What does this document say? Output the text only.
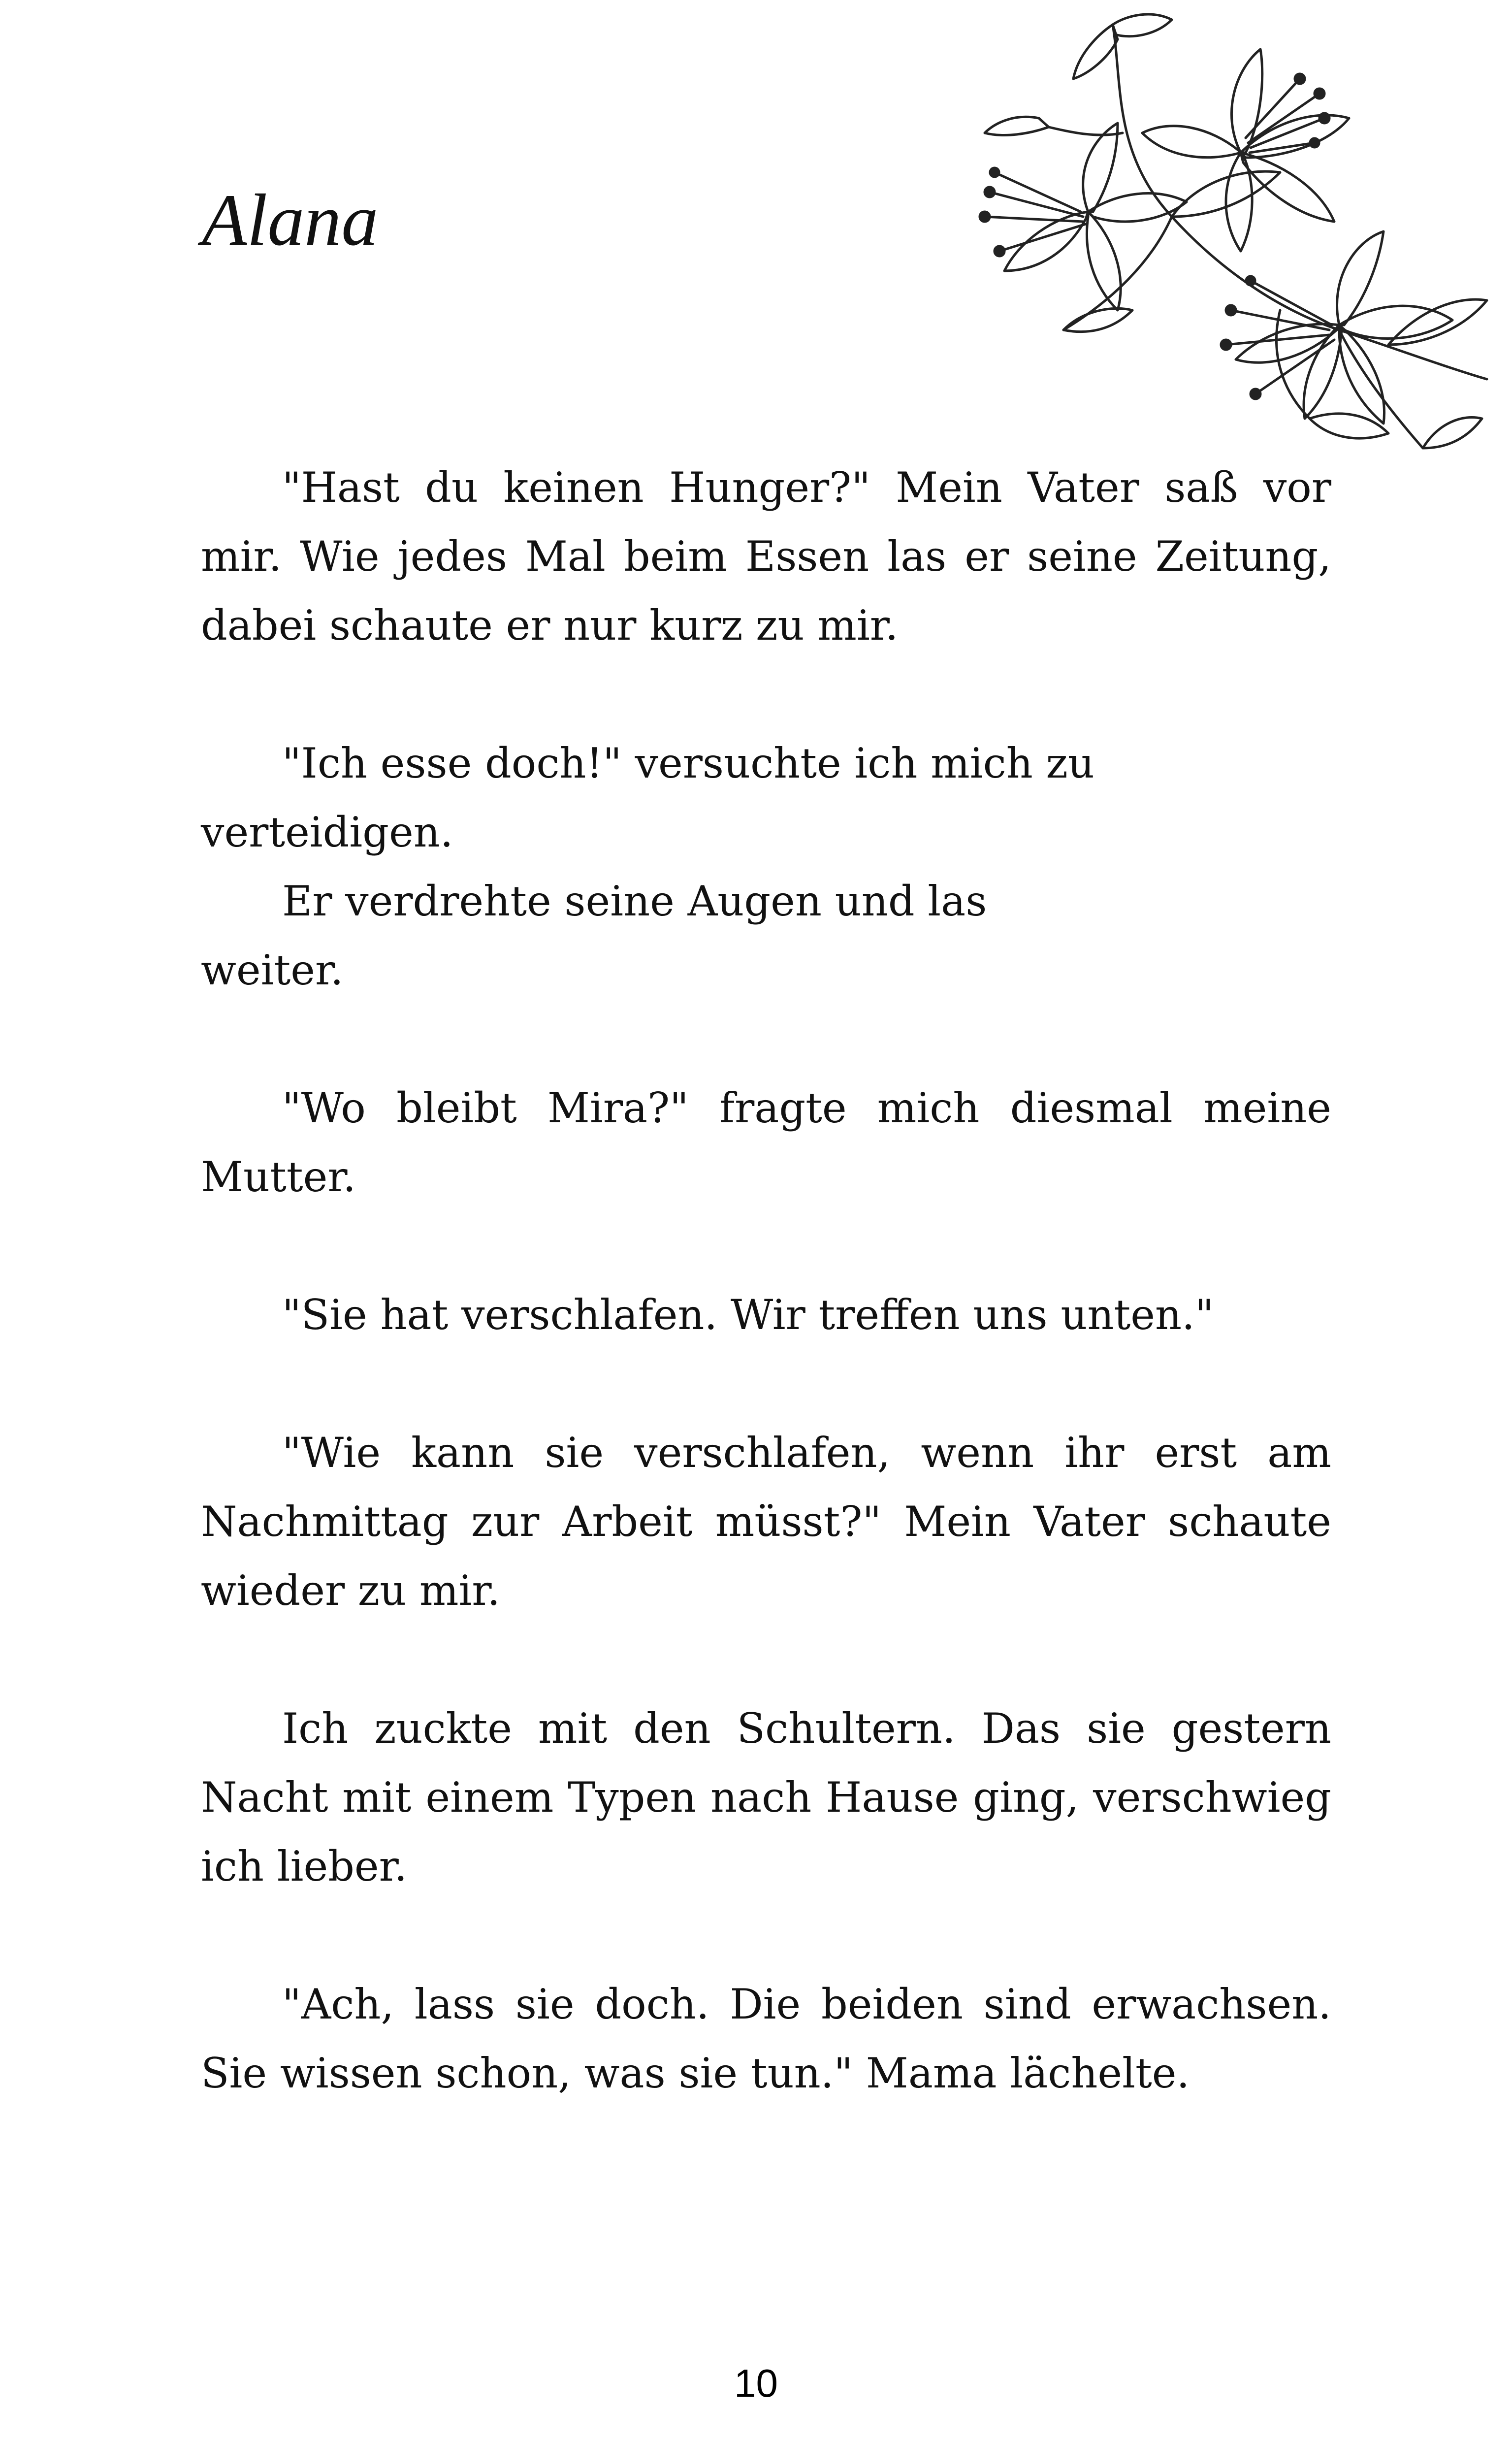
Alana

"Hast du keinen Hunger?" Mein Vater saß vor mir. Wie jedes Mal beim Essen las er seine Zeitung, dabei schaute er nur kurz zu mir.

"Ich esse doch!" versuchte ich mich zu verteidigen.

Er verdrehte seine Augen und las weiter.

"Wo bleibt Mira?" fragte mich diesmal meine Mutter.

"Sie hat verschlafen. Wir treffen uns unten."

"Wie kann sie verschlafen, wenn ihr erst am Nachmittag zur Arbeit müsst?" Mein Vater schaute wieder zu mir.

Ich zuckte mit den Schultern. Das sie gestern Nacht mit einem Typen nach Hause ging, verschwieg ich lieber.

"Ach, lass sie doch. Die beiden sind erwachsen. Sie wissen schon, was sie tun." Mama lächelte.

10
